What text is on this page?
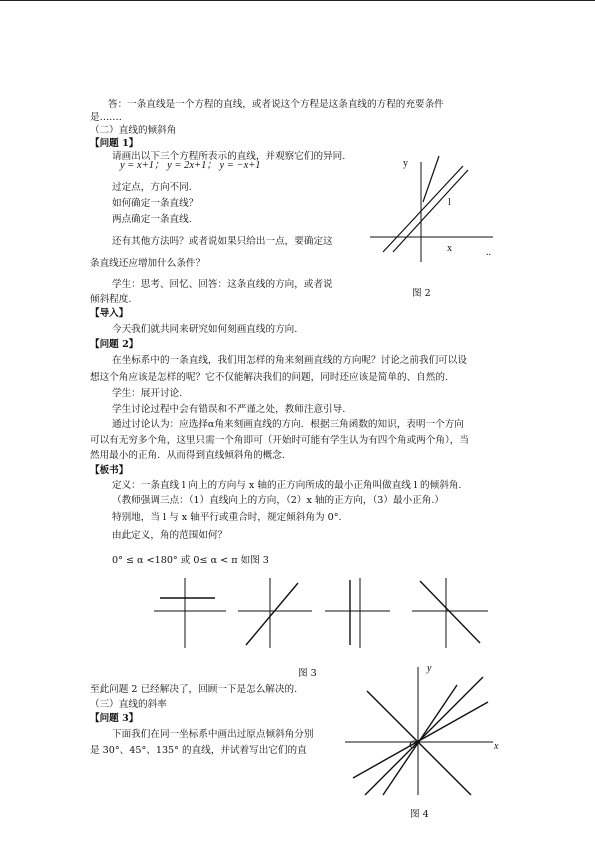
答：一条直线是一个方程的直线，或者说这个方程是这条直线的方程的充要条件
是…….
（二）直线的倾斜角
【问题 1】
请画出以下三个方程所表示的直线，并观察它们的异同.
y = x+1； y = 2x+1； y = −x+1
过定点，方向不同.
如何确定一条直线？
两点确定一条直线.
还有其他方法吗？或者说如果只给出一点，要确定这
条直线还应增加什么条件？
学生：思考、回忆、回答：这条直线的方向，或者说
倾斜程度.
【导入】
今天我们就共同来研究如何刻画直线的方向.
【问题 2】
在坐标系中的一条直线，我们用怎样的角来刻画直线的方向呢？讨论之前我们可以设
想这个角应该是怎样的呢？它不仅能解决我们的问题，同时还应该是简单的、自然的.
学生：展开讨论.
学生讨论过程中会有错误和不严谨之处，教师注意引导.
通过讨论认为：应选择α角来刻画直线的方向．根据三角函数的知识，表明一个方向
可以有无穷多个角，这里只需一个角即可（开始时可能有学生认为有四个角或两个角），当
然用最小的正角．从而得到直线倾斜角的概念.
【板书】
定义：一条直线 l 向上的方向与 x 轴的正方向所成的最小正角叫做直线 l 的倾斜角.
（教师强调三点：（1）直线向上的方向，（2）x 轴的正方向，（3）最小正角.）
特别地，当 l 与 x 轴平行或重合时，规定倾斜角为 0°.
由此定义，角的范围如何？
0° ≤ α <180° 或 0≤ α < π 如图 3
至此问题 2 已经解决了，回顾一下是怎么解决的.
（三）直线的斜率
【问题 3】
下面我们在同一坐标系中画出过原点倾斜角分别
是 30°、45°、135° 的直线，并试着写出它们的直
y
l
x	..
图 2
图 3	y
x
O
图 4
